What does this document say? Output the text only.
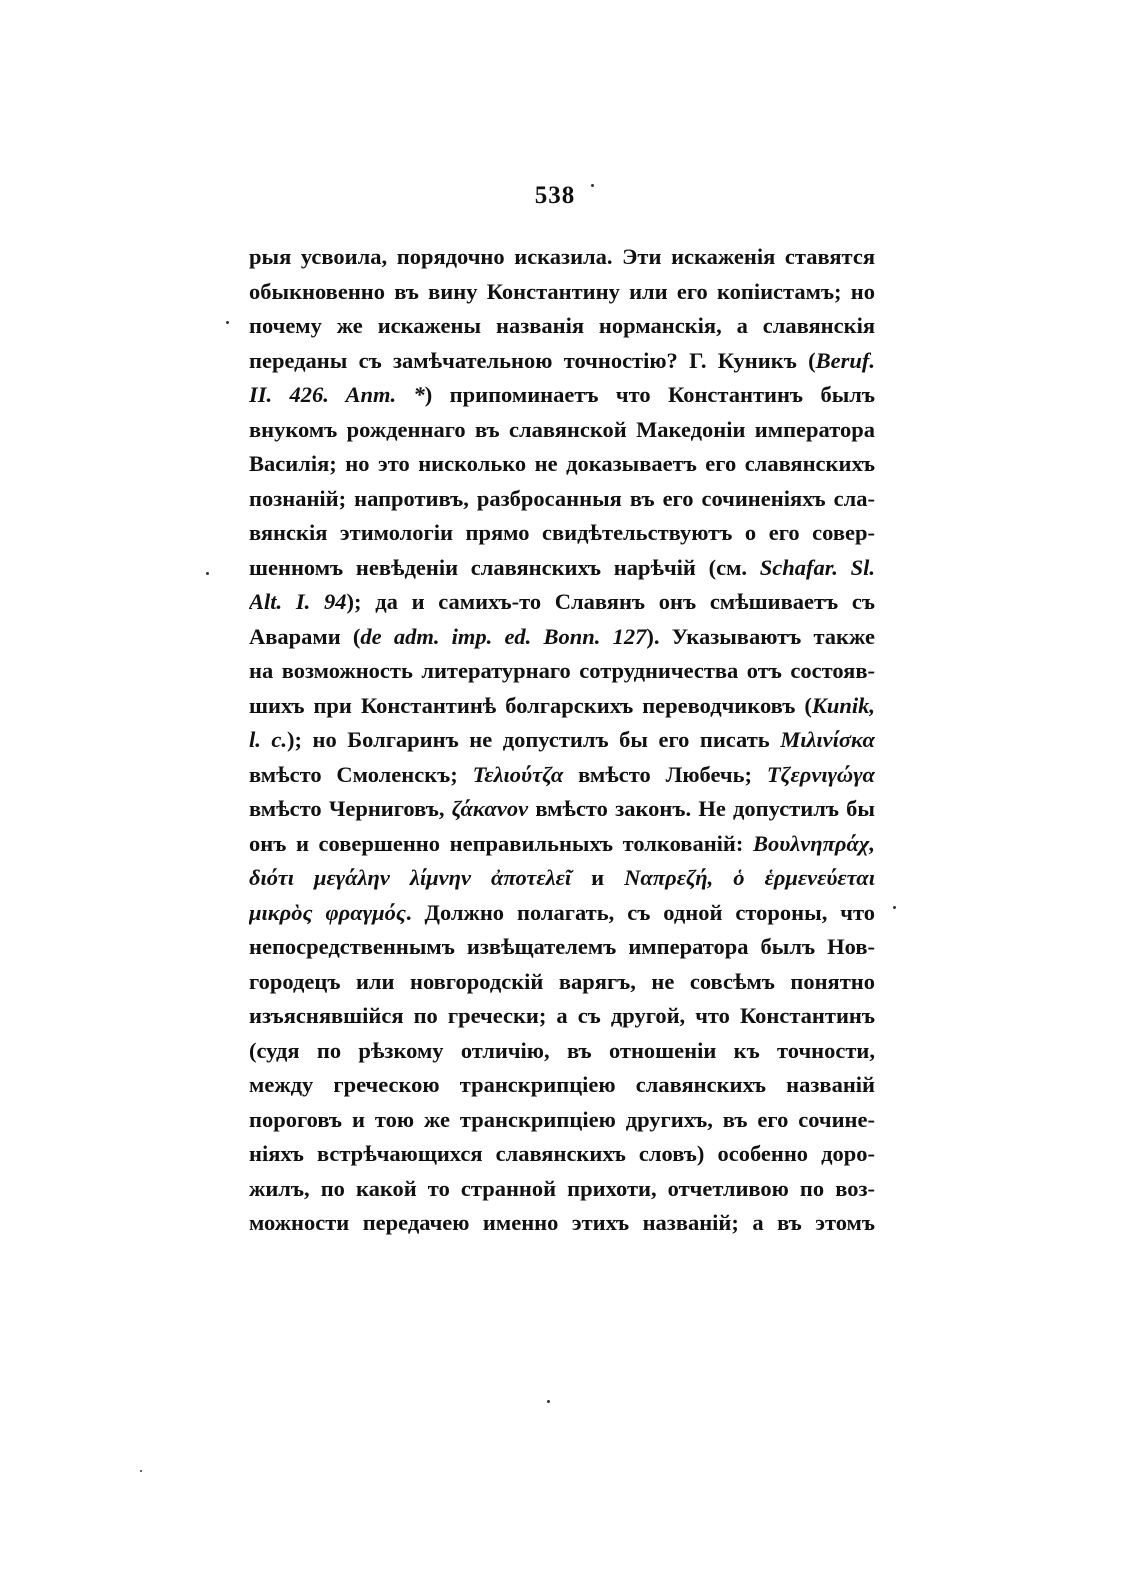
538
рыя усвоила, порядочно исказила. Эти искаженія ставятся
обыкновенно въ вину Константину или его копіистамъ; но
почему же искажены названія норманскія, а славянскія
переданы съ замѣчательною точностію? Г. Куникъ (Beruf.
II. 426. Anm. *) припоминаетъ что Константинъ былъ
внукомъ рожденнаго въ славянской Македоніи императора
Василія; но это нисколько не доказываетъ его славянскихъ
познаній; напротивъ, разбросанныя въ его сочиненіяхъ сла-
вянскія этимологіи прямо свидѣтельствуютъ о его совер-
шенномъ невѣденіи славянскихъ нарѣчій (см. Schafar. Sl.
Alt. I. 94); да и самихъ-то Славянъ онъ смѣшиваетъ съ
Аварами (de adm. imp. ed. Bonn. 127). Указываютъ также
на возможность литературнаго сотрудничества отъ состояв-
шихъ при Константинѣ болгарскихъ переводчиковъ (Kunik,
l. c.); но Болгаринъ не допустилъ бы его писать Μιλινίσκα
вмѣсто Смоленскъ; Τελιούτζα вмѣсто Любечь; Τζερνιγώγα
вмѣсто Черниговъ, ζάκανον вмѣсто законъ. Не допустилъ бы
онъ и совершенно неправильныхъ толкованій: Βουλνηπράχ,
διότι μεγάλην λίμνην ἀποτελεῖ и Ναπρεζή, ὁ ἑρμενεύεται
μικρὸς φραγμός. Должно полагать, съ одной стороны, что
непосредственнымъ извѣщателемъ императора былъ Нов-
городецъ или новгородскій варягъ, не совсѣмъ понятно
изъяснявшійся по гречески; а съ другой, что Константинъ
(судя по рѣзкому отличію, въ отношеніи къ точности,
между греческою транскрипціею славянскихъ названій
пороговъ и тою же транскрипціею другихъ, въ его сочине-
ніяхъ встрѣчающихся славянскихъ словъ) особенно доро-
жилъ, по какой то странной прихоти, отчетливою по воз-
можности передачею именно этихъ названій; а въ этомъ
